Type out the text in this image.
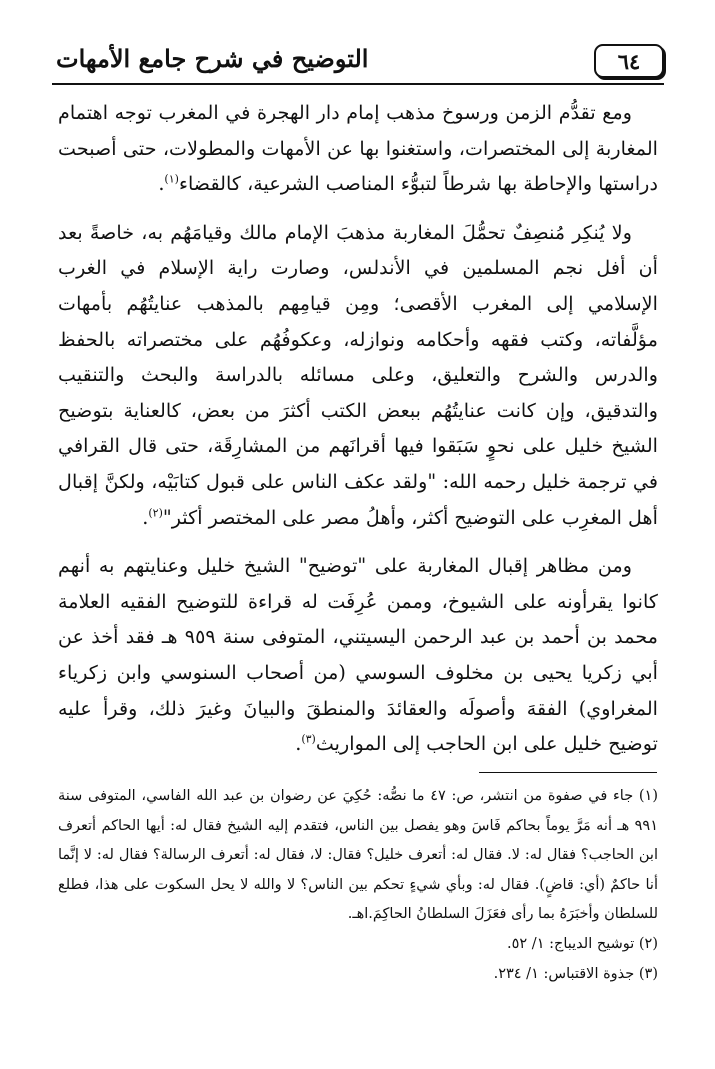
٦٤
التوضيح في شرح جامع الأمهات

ومع تقدُّم الزمن ورسوخ مذهب إمام دار الهجرة في المغرب توجه اهتمام المغاربة إلى المختصرات، واستغنوا بها عن الأمهات والمطولات، حتى أصبحت دراستها والإحاطة بها شرطاً لتبوُّء المناصب الشرعية، كالقضاء$^{(١)}$.

ولا يُنكِر مُنصِفٌ تحمُّلَ المغاربة مذهبَ الإمام مالك وقيامَهُم به، خاصةً بعد أن أفل نجم المسلمين في الأندلس، وصارت راية الإسلام في الغرب الإسلامي إلى المغرب الأقصى؛ ومِن قيامِهم بالمذهب عنايتُهُم بأمهات مؤلَّفاته، وكتب فقهه وأحكامه ونوازله، وعكوفُهُم على مختصراته بالحفظ والدرس والشرح والتعليق، وعلى مسائله بالدراسة والبحث والتنقيب والتدقيق، وإن كانت عنايتُهُم ببعض الكتب أكثرَ من بعض، كالعناية بتوضيح الشيخ خليل على نحوٍ سَبَقوا فيها أقرانَهم من المشارِقَة، حتى قال القرافي في ترجمة خليل رحمه الله: "ولقد عكف الناس على قبول كتابَيْه، ولكنَّ إقبال أهل المغرِب على التوضيح أكثر، وأهلُ مصر على المختصر أكثر"$^{(٢)}$.

ومن مظاهر إقبال المغاربة على "توضيح" الشيخ خليل وعنايتهم به أنهم كانوا يقرأونه على الشيوخ، وممن عُرِفَت له قراءة للتوضيح الفقيه العلامة محمد بن أحمد بن عبد الرحمن اليسيتني، المتوفى سنة ٩٥٩ هـ فقد أخذ عن أبي زكريا يحيى بن مخلوف السوسي (من أصحاب السنوسي وابن زكرياء المغراوي) الفقهَ وأصولَه والعقائدَ والمنطقَ والبيانَ وغيرَ ذلك، وقرأ عليه توضيح خليل على ابن الحاجب إلى المواريث$^{(٣)}$.

(١) جاء في صفوة من انتشر، ص: ٤٧ ما نصُّه: حُكِيَ عن رضوان بن عبد الله الفاسي، المتوفى سنة ٩٩١ هـ أنه مَرَّ يوماً بحاكم فَاسَ وهو يفصل بين الناس، فتقدم إليه الشيخ فقال له: أيها الحاكم أتعرف ابن الحاجب؟ فقال له: لا. فقال له: أتعرف خليل؟ فقال: لا، فقال له: أتعرف الرسالة؟ فقال له: لا إنَّما أنا حاكمٌ (أي: قاضٍ). فقال له: وبأي شيءٍ تحكم بين الناس؟ لا والله لا يحل السكوت على هذا، فطلع للسلطان وأخبَرَهُ بما رأى فعَزَلَ السلطانُ الحاكِمَ.اهـ.

(٢) توشيح الديباج: ١/ ٥٢.

(٣) جذوة الاقتباس: ١/ ٢٣٤.
